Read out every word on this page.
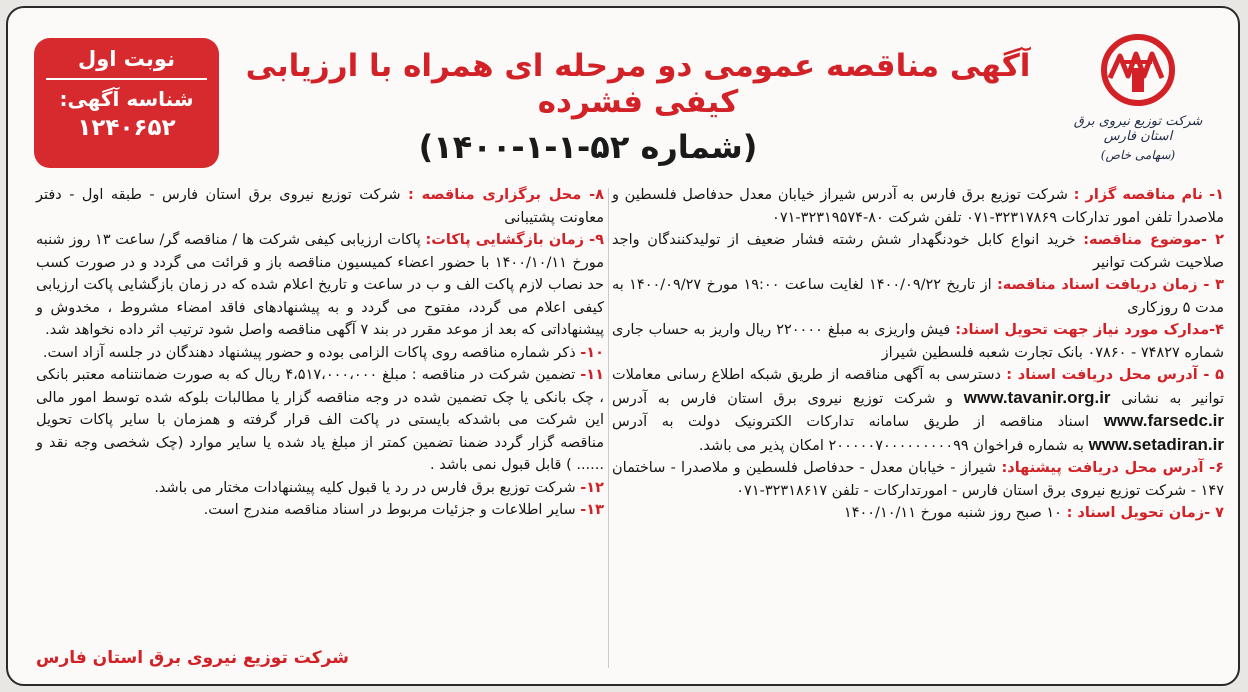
نوبت اول
شناسه آگهی:
۱۲۴۰۶۵۲
آگهی مناقصه عمومی دو مرحله ای همراه با ارزیابی کیفی فشرده
(شماره ۵۲-۱-۱-۱۴۰۰)
شرکت توزیع نیروی برق استان فارس
(سهامی خاص)

۱- نام مناقصه گزار : شرکت توزیع برق فارس به آدرس شیراز خیابان معدل حدفاصل فلسطین و ملاصدرا تلفن امور تدارکات ۳۲۳۱۷۸۶۹-۰۷۱ تلفن شرکت ۸۰-۳۲۳۱۹۵۷۴-۰۷۱

۲ -موضوع مناقصه: خرید انواع کابل خودنگهدار شش رشته فشار ضعیف از تولیدکنندگان واجد صلاحیت شرکت توانیر

۳ - زمان دریافت اسناد مناقصه: از تاریخ ۱۴۰۰/۰۹/۲۲ لغایت ساعت ۱۹:۰۰ مورخ ۱۴۰۰/۰۹/۲۷ به مدت ۵ روزکاری

۴-مدارک مورد نیاز جهت تحویل اسناد: فیش واریزی به مبلغ ۲۲۰۰۰۰ ریال واریز به حساب جاری شماره ۷۴۸۲۷ - ۰۷۸۶۰ بانک تجارت شعبه فلسطین شیراز

۵ - آدرس محل دریافت اسناد : دسترسی به آگهی مناقصه از طریق شبکه اطلاع رسانی معاملات توانیر به نشانی www.tavanir.org.ir و شرکت توزیع نیروی برق استان فارس به آدرس www.farsedc.ir اسناد مناقصه از طریق سامانه تدارکات الکترونیک دولت به آدرس www.setadiran.ir به شماره فراخوان ۲۰۰۰۰۰۷۰۰۰۰۰۰۰۰۰۹۹ امکان پذیر می باشد.

۶- آدرس محل دریافت پیشنهاد: شیراز - خیابان معدل - حدفاصل فلسطین و ملاصدرا - ساختمان ۱۴۷ - شرکت توزیع نیروی برق استان فارس - امورتدارکات - تلفن ۳۲۳۱۸۶۱۷-۰۷۱

۷ -زمان تحویل اسناد : ۱۰ صبح روز شنبه مورخ ۱۴۰۰/۱۰/۱۱

۸- محل برگزاری مناقصه : شرکت توزیع نیروی برق استان فارس - طبقه اول - دفتر معاونت پشتیبانی

۹- زمان بازگشایی پاکات: پاکات ارزیابی کیفی شرکت ها / مناقصه گر/ ساعت ۱۳ روز شنبه مورخ ۱۴۰۰/۱۰/۱۱ با حضور اعضاء کمیسیون مناقصه باز و قرائت می گردد و در صورت کسب حد نصاب لازم پاکت الف و ب در ساعت و تاریخ اعلام شده که در زمان بازگشایی پاکت ارزیابی کیفی اعلام می گردد، مفتوح می گردد و به پیشنهادهای فاقد امضاء مشروط ، مخدوش و پیشنهاداتی که بعد از موعد مقرر در بند ۷ آگهی مناقصه واصل شود ترتیب اثر داده نخواهد شد.

۱۰- ذکر شماره مناقصه روی پاکات الزامی بوده و حضور پیشنهاد دهندگان در جلسه آزاد است.

۱۱- تضمین شرکت در مناقصه : مبلغ ۴،۵۱۷،۰۰۰،۰۰۰ ریال که به صورت ضمانتنامه معتبر بانکی ، چک بانکی یا چک تضمین شده در وجه مناقصه گزار یا مطالبات بلوکه شده توسط امور مالی این شرکت می باشدکه بایستی در پاکت الف قرار گرفته و همزمان با سایر پاکات تحویل مناقصه گزار گردد ضمنا تضمین کمتر از مبلغ یاد شده یا سایر موارد (چک شخصی وجه نقد و ...... ) قابل قبول نمی باشد .

۱۲- شرکت توزیع برق فارس در رد یا قبول کلیه پیشنهادات مختار می باشد.

۱۳- سایر اطلاعات و جزئیات مربوط در اسناد مناقصه مندرج است.

شرکت توزیع نیروی برق استان فارس
